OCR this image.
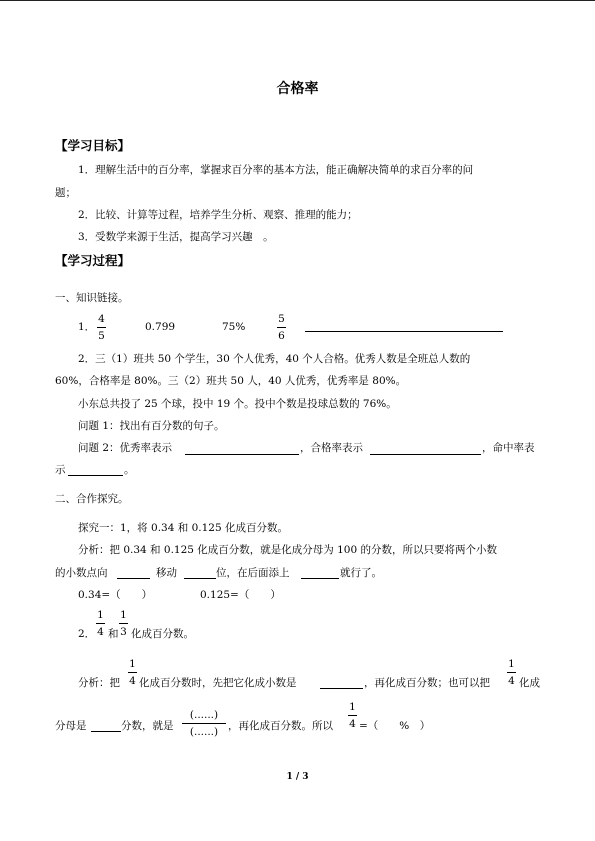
合格率
【学习目标】
1．理解生活中的百分率，掌握求百分率的基本方法，能正确解决简单的求百分率的问
题；
2．比较、计算等过程，培养学生分析、观察、推理的能力；
3．受数学来源于生活，提高学习兴趣　。
【学习过程】
一、知识链接。
1．
4
5
0.799	75%
5
6
2．三（1）班共 50 个学生，30 个人优秀，40 个人合格。优秀人数是全班总人数的
60%，合格率是 80%。三（2）班共 50 人，40 人优秀，优秀率是 80%。
小东总共投了 25 个球，投中 19 个。投中个数是投球总数的 76%。
问题 1：找出有百分数的句子。
问题 2：优秀率表示	，合格率表示	，命中率表
示	。
二、合作探究。
探究一：1，将 0.34 和 0.125 化成百分数。
分析：把 0.34 和 0.125 化成百分数，就是化成分母为 100 的分数，所以只要将两个小数
的小数点向	移动	位，在后面添上	就行了。
0.34=（　　）	0.125=（　　）
2．
1
4 和
1
3 化成百分数。
分析：把
1
4 化成百分数时，先把它化成小数是	，再化成百分数；也可以把
1
4 化成
分母是	分数，就是
(......)
(......) ，再化成百分数。所以
1
4 =（　　%　）
1 / 3
